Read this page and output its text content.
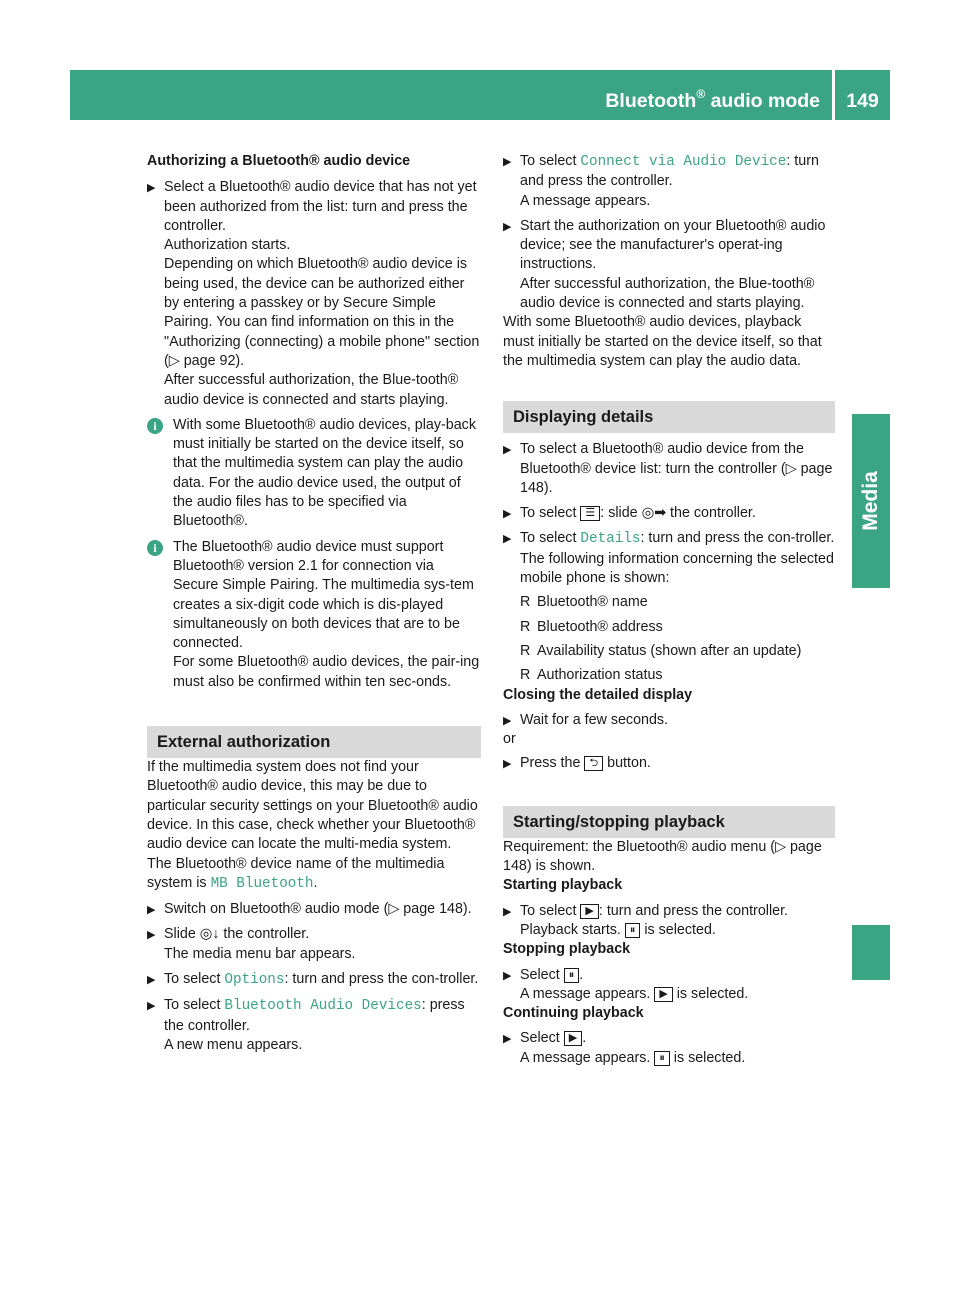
Bluetooth® audio mode	149
Media

Authorizing a Bluetooth® audio device

▶ Select a Bluetooth® audio device that has not yet been authorized from the list: turn and press the controller.

Authorization starts.

Depending on which Bluetooth® audio device is being used, the device can be authorized either by entering a passkey or by Secure Simple Pairing. You can find information on this in the "Authorizing (connecting) a mobile phone" section (▷ page 92).

After successful authorization, the Blue-tooth® audio device is connected and starts playing.

i	With some Bluetooth® audio devices, play-back must initially be started on the device itself, so that the multimedia system can play the audio data. For the audio device used, the output of the audio files has to be specified via Bluetooth®.

i	The Bluetooth® audio device must support Bluetooth® version 2.1 for connection via Secure Simple Pairing. The multimedia sys-tem creates a six-digit code which is dis-played simultaneously on both devices that are to be connected.

For some Bluetooth® audio devices, the pair-ing must also be confirmed within ten sec-onds.

External authorization

If the multimedia system does not find your Bluetooth® audio device, this may be due to particular security settings on your Bluetooth® audio device. In this case, check whether your Bluetooth® audio device can locate the multi-media system.

The Bluetooth® device name of the multimedia system is MB Bluetooth.

▶ Switch on Bluetooth® audio mode (▷ page 148).

▶ Slide ◎↓ the controller.

The media menu bar appears.

▶ To select Options: turn and press the con-troller.

▶ To select Bluetooth Audio Devices: press the controller.

A new menu appears.

▶ To select Connect via Audio Device: turn and press the controller.

A message appears.

▶ Start the authorization on your Bluetooth® audio device; see the manufacturer's operat-ing instructions.

After successful authorization, the Blue-tooth® audio device is connected and starts playing.

With some Bluetooth® audio devices, playback must initially be started on the device itself, so that the multimedia system can play the audio data.

Displaying details
▶ To select a Bluetooth® audio device from the Bluetooth® device list: turn the controller (▷ page 148).

▶ To select ☰ : slide ◎➡ the controller.

▶ To select Details: turn and press the con-troller.

The following information concerning the selected mobile phone is shown:

R Bluetooth® name
R Bluetooth® address
R Availability status (shown after an update)
R Authorization status

Closing the detailed display

▶ Wait for a few seconds.

or

▶ Press the ⮌ button.

Starting/stopping playback

Requirement: the Bluetooth® audio menu (▷ page 148) is shown.

Starting playback

▶ To select ▶ : turn and press the controller.

Playback starts. ⏸ is selected.

Stopping playback

▶ Select ⏸ .

A message appears. ▶ is selected.

Continuing playback

▶ Select ▶ .

A message appears. ⏸ is selected.
